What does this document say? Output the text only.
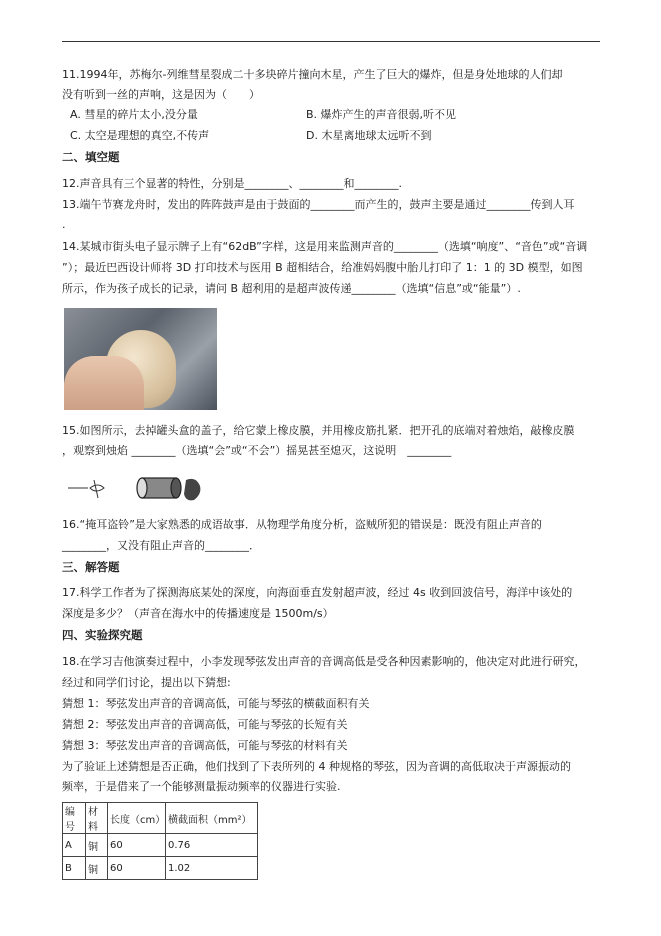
11.1994年，苏梅尔-列维彗星裂成二十多块碎片撞向木星，产生了巨大的爆炸，但是身处地球的人们却
没有听到一丝的声响，这是因为（　　）
A. 彗星的碎片太小,没分量	B. 爆炸产生的声音很弱,听不见
C. 太空是理想的真空,不传声	D. 木星离地球太远听不到
二、填空题
12.声音具有三个显著的特性，分别是________、________和________.
13.端午节赛龙舟时，发出的阵阵鼓声是由于鼓面的________而产生的，鼓声主要是通过________传到人耳
.
14.某城市街头电子显示牌子上有“62dB”字样，这是用来监测声音的________（选填“响度”、“音色”或“音调
”）；最近巴西设计师将 3D 打印技术与医用 B 超相结合，给准妈妈腹中胎儿打印了 1：1 的 3D 模型，如图
所示，作为孩子成长的记录，请问 B 超利用的是超声波传递________（选填“信息”或“能量”）.
15.如图所示，去掉罐头盒的盖子，给它蒙上橡皮膜，并用橡皮筋扎紧．把开孔的底端对着烛焰，敲橡皮膜
，观察到烛焰 ________（选填“会”或“不会”）摇晃甚至熄灭，这说明　________
16.“掩耳盗铃”是大家熟悉的成语故事．从物理学角度分析，盗贼所犯的错误是：既没有阻止声音的
________，又没有阻止声音的________．
三、解答题
17.科学工作者为了探测海底某处的深度，向海面垂直发射超声波，经过 4s 收到回波信号，海洋中该处的
深度是多少？（声音在海水中的传播速度是 1500m/s）
四、实验探究题
18.在学习吉他演奏过程中，小李发现琴弦发出声音的音调高低是受各种因素影响的，他决定对此进行研究，
经过和同学们讨论，提出以下猜想:
猜想 1：琴弦发出声音的音调高低，可能与琴弦的横截面积有关
猜想 2：琴弦发出声音的音调高低，可能与琴弦的长短有关
猜想 3：琴弦发出声音的音调高低，可能与琴弦的材料有关
为了验证上述猜想是否正确，他们找到了下表所列的 4 种规格的琴弦，因为音调的高低取决于声源振动的
频率，于是借来了一个能够测量振动频率的仪器进行实验.
编号	材料	长度（cm）	横截面积（mm²）
A	铜	60	0.76
B	铜	60	1.02
